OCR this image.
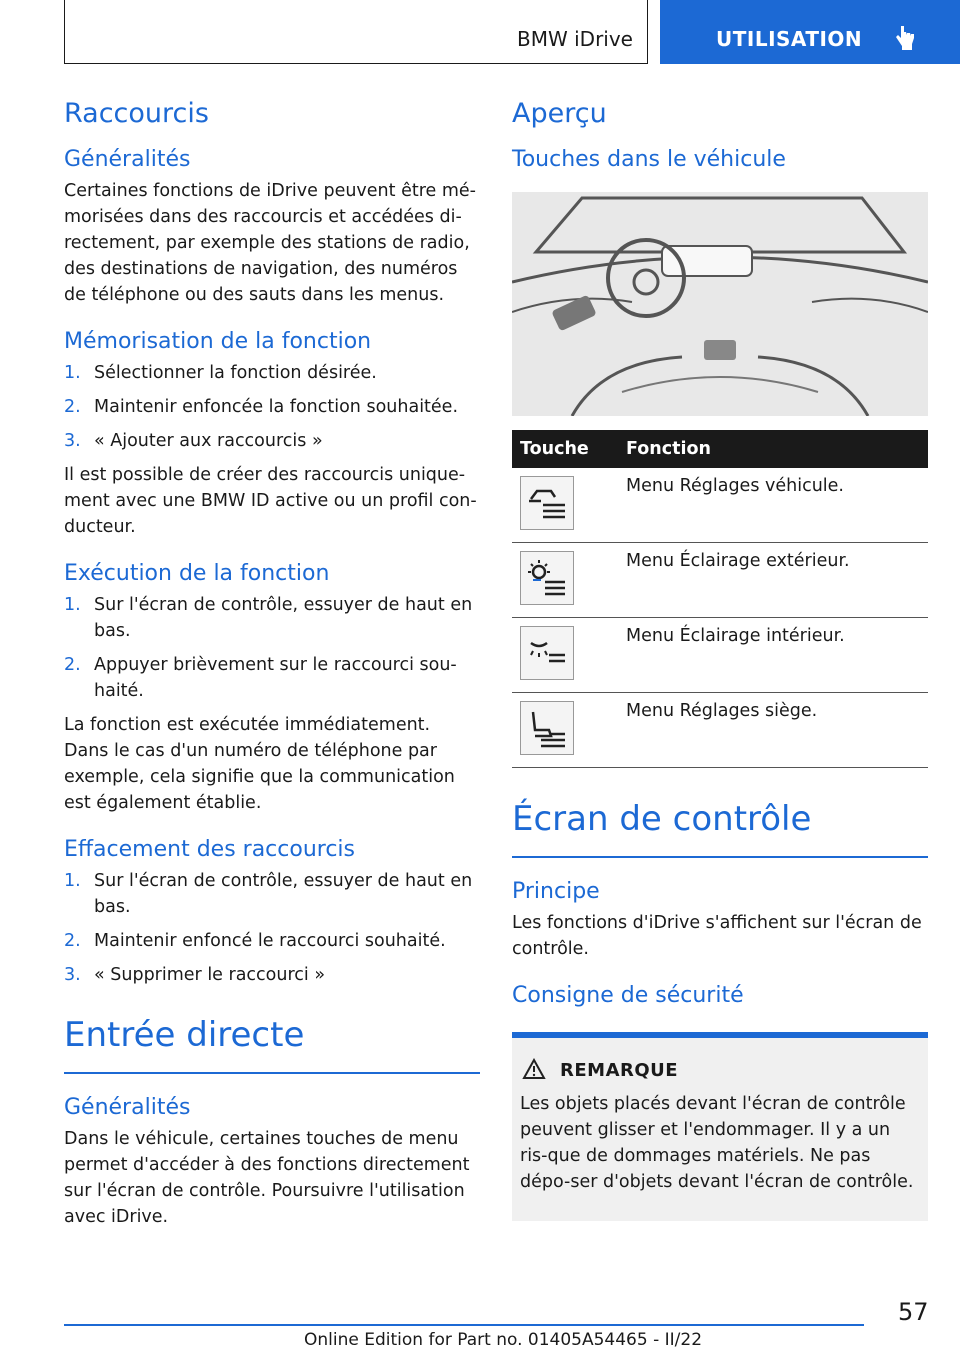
BMW iDrive	UTILISATION
Raccourcis
Généralités

Certaines fonctions de iDrive peuvent être mé-morisées dans des raccourcis et accédées di-rectement, par exemple des stations de radio, des destinations de navigation, des numéros de téléphone ou des sauts dans les menus.

Mémorisation de la fonction
1. Sélectionner la fonction désirée.
2. Maintenir enfoncée la fonction souhaitée.
3. « Ajouter aux raccourcis »

Il est possible de créer des raccourcis unique-ment avec une BMW ID active ou un profil con-ducteur.

Exécution de la fonction
1. Sur l'écran de contrôle, essuyer de haut en bas.
2. Appuyer brièvement sur le raccourci sou-haité.

La fonction est exécutée immédiatement. Dans le cas d'un numéro de téléphone par exemple, cela signifie que la communication est également établie.

Effacement des raccourcis
1. Sur l'écran de contrôle, essuyer de haut en bas.
2. Maintenir enfoncé le raccourci souhaité.
3. « Supprimer le raccourci »
Entrée directe
Généralités

Dans le véhicule, certaines touches de menu permet d'accéder à des fonctions directement sur l'écran de contrôle. Poursuivre l'utilisation avec iDrive.

Aperçu
Touches dans le véhicule
Touche	Fonction

	Menu Réglages véhicule.

	Menu Éclairage extérieur.

	Menu Éclairage intérieur.

	Menu Réglages siège.
Écran de contrôle
Principe

Les fonctions d'iDrive s'affichent sur l'écran de contrôle.

Consigne de sécurité
REMARQUE

Les objets placés devant l'écran de contrôle peuvent glisser et l'endommager. Il y a un ris-que de dommages matériels. Ne pas dépo-ser d'objets devant l'écran de contrôle.

57
Online Edition for Part no. 01405A54465 - II/22
